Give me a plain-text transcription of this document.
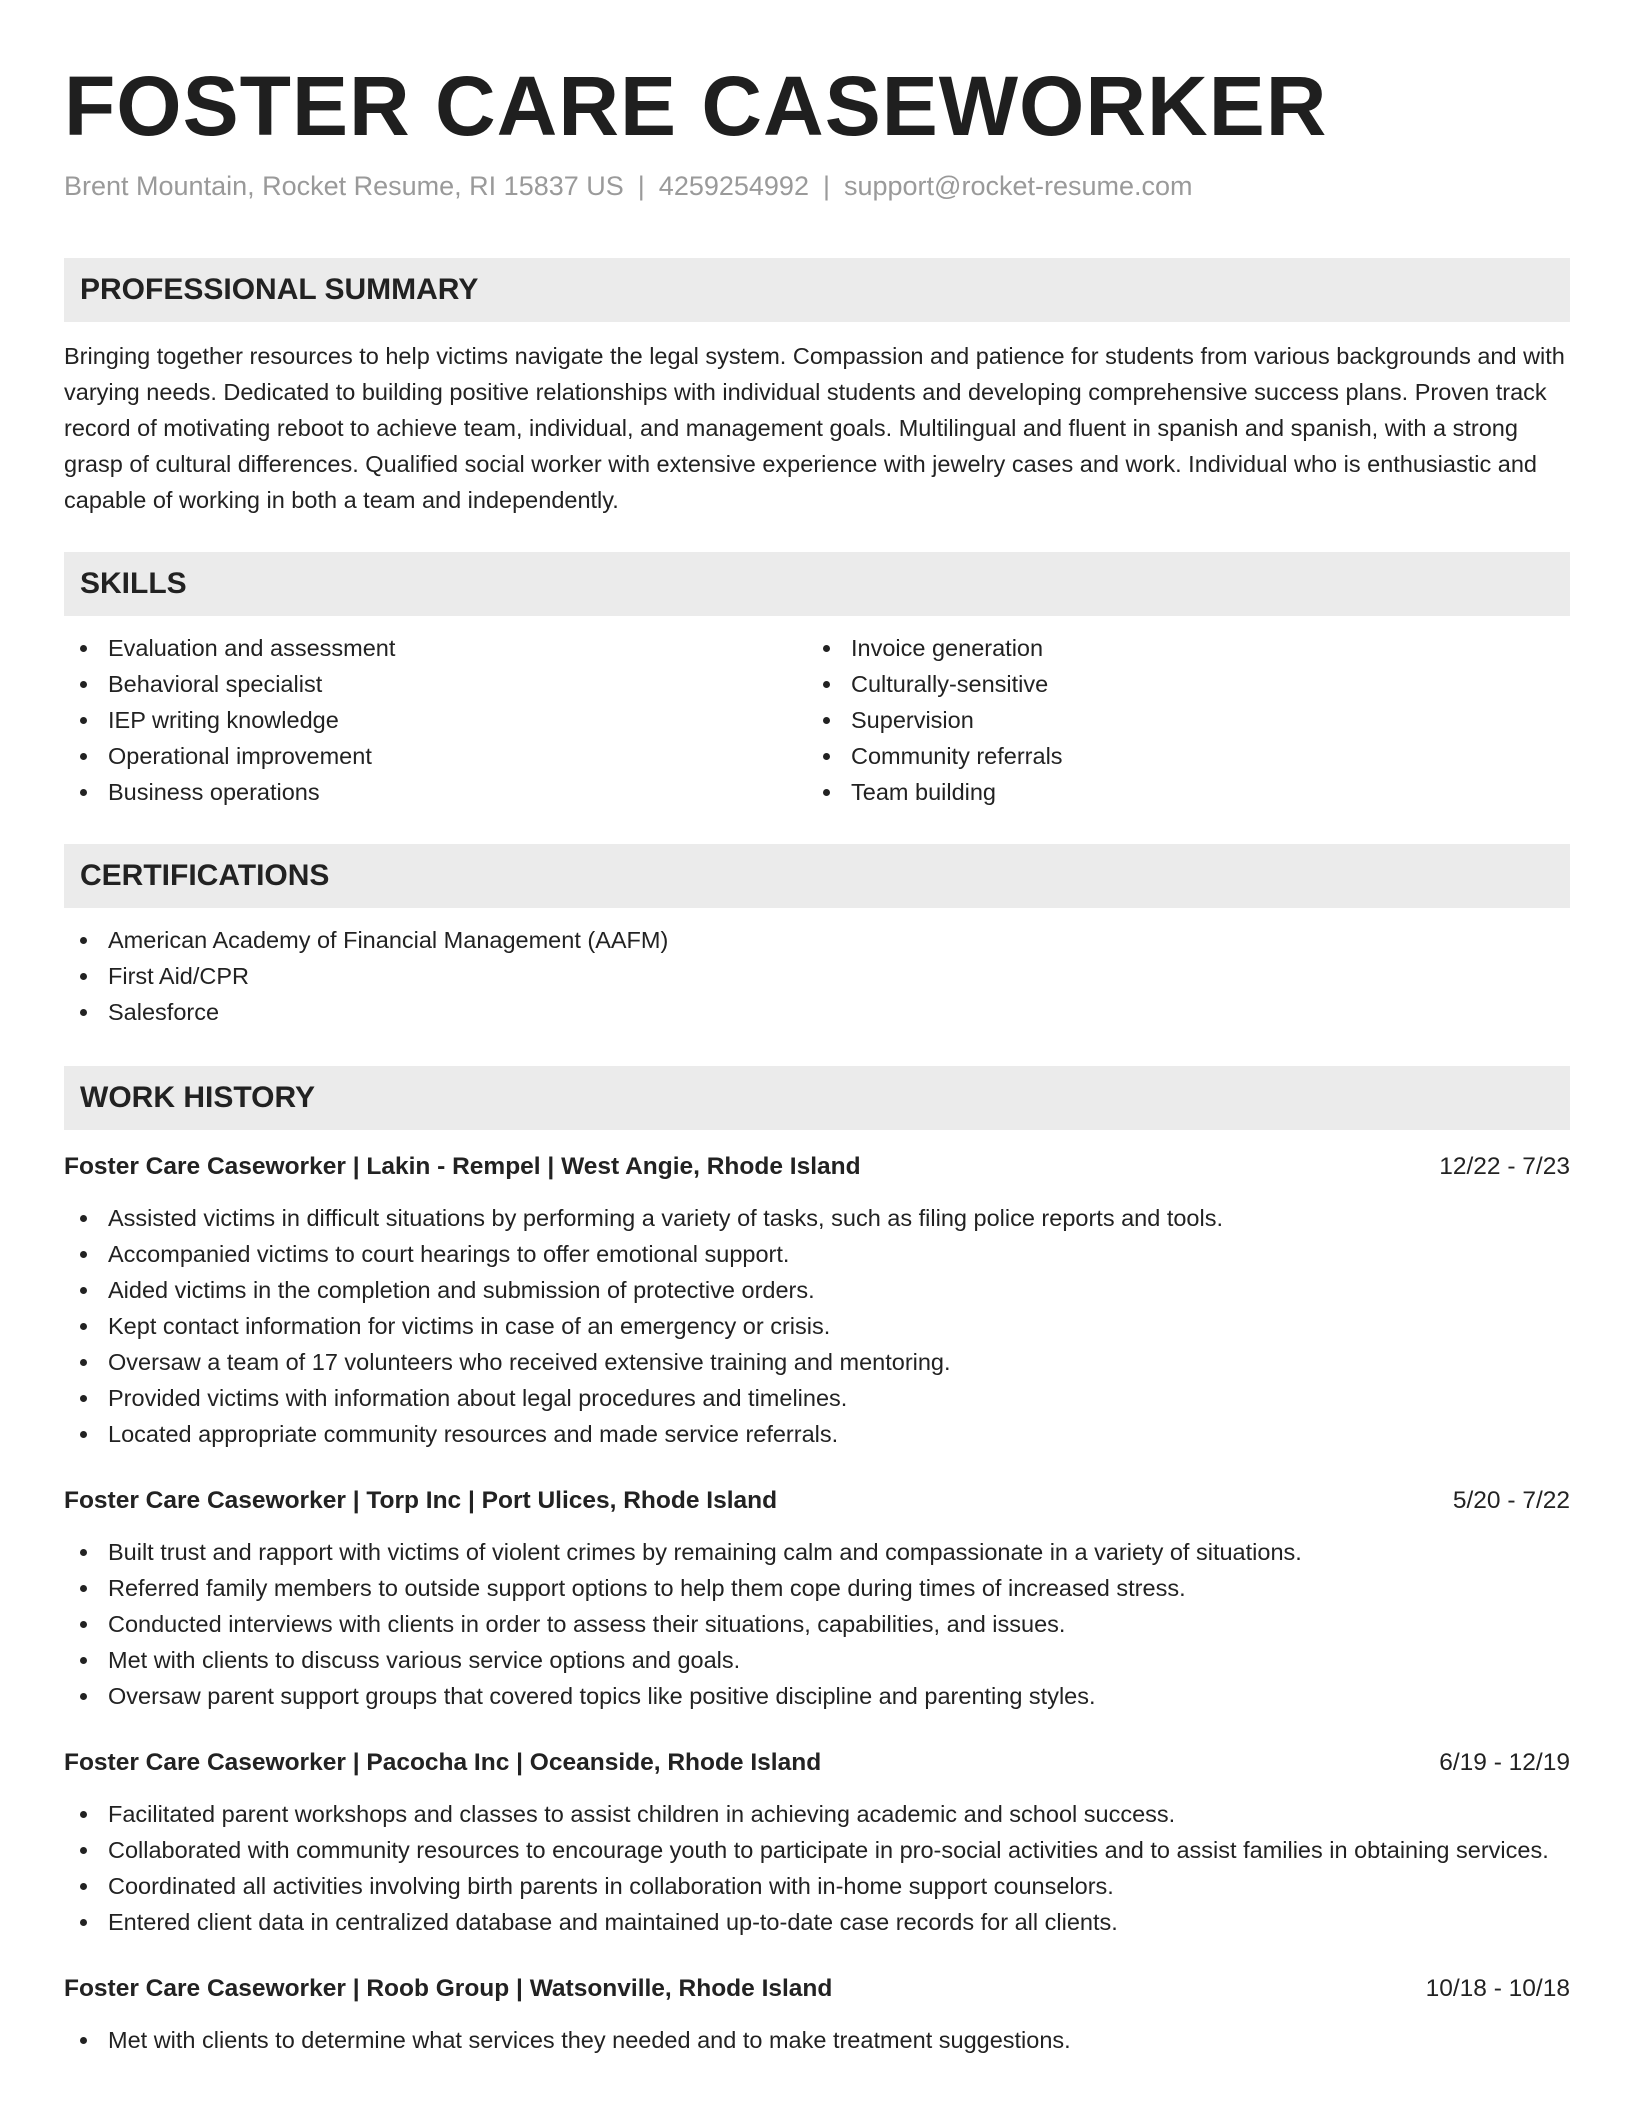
FOSTER CARE CASEWORKER
Brent Mountain, Rocket Resume, RI 15837 US | 4259254992 | support@rocket-resume.com
PROFESSIONAL SUMMARY

Bringing together resources to help victims navigate the legal system. Compassion and patience for students from various backgrounds and with varying needs. Dedicated to building positive relationships with individual students and developing comprehensive success plans. Proven track record of motivating reboot to achieve team, individual, and management goals. Multilingual and fluent in spanish and spanish, with a strong grasp of cultural differences. Qualified social worker with extensive experience with jewelry cases and work. Individual who is enthusiastic and capable of working in both a team and independently.

SKILLS
Evaluation and assessment
Behavioral specialist
IEP writing knowledge
Operational improvement
Business operations
Invoice generation
Culturally-sensitive
Supervision
Community referrals
Team building
CERTIFICATIONS
American Academy of Financial Management (AAFM)
First Aid/CPR
Salesforce
WORK HISTORY
Foster Care Caseworker | Lakin - Rempel | West Angie, Rhode Island	12/22 - 7/23
Assisted victims in difficult situations by performing a variety of tasks, such as filing police reports and tools.
Accompanied victims to court hearings to offer emotional support.
Aided victims in the completion and submission of protective orders.
Kept contact information for victims in case of an emergency or crisis.
Oversaw a team of 17 volunteers who received extensive training and mentoring.
Provided victims with information about legal procedures and timelines.
Located appropriate community resources and made service referrals.
Foster Care Caseworker | Torp Inc | Port Ulices, Rhode Island	5/20 - 7/22
Built trust and rapport with victims of violent crimes by remaining calm and compassionate in a variety of situations.
Referred family members to outside support options to help them cope during times of increased stress.
Conducted interviews with clients in order to assess their situations, capabilities, and issues.
Met with clients to discuss various service options and goals.
Oversaw parent support groups that covered topics like positive discipline and parenting styles.
Foster Care Caseworker | Pacocha Inc | Oceanside, Rhode Island	6/19 - 12/19
Facilitated parent workshops and classes to assist children in achieving academic and school success.
Collaborated with community resources to encourage youth to participate in pro-social activities and to assist families in obtaining services.
Coordinated all activities involving birth parents in collaboration with in-home support counselors.
Entered client data in centralized database and maintained up-to-date case records for all clients.
Foster Care Caseworker | Roob Group | Watsonville, Rhode Island	10/18 - 10/18
Met with clients to determine what services they needed and to make treatment suggestions.
